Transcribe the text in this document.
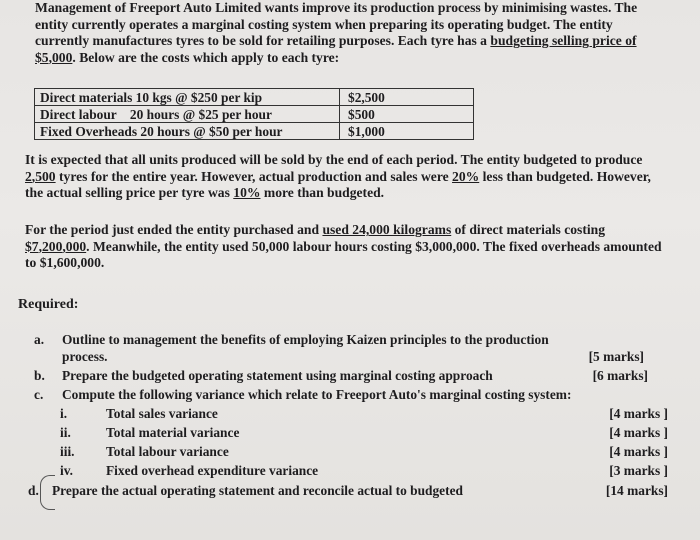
Management of Freeport Auto Limited wants improve its production process by minimising wastes. The entity currently operates a marginal costing system when preparing its operating budget. The entity currently manufactures tyres to be sold for retailing purposes. Each tyre has a budgeting selling price of $5,000. Below are the costs which apply to each tyre:

Direct materials 10 kgs @ $250 per kip	$2,500
Direct labour    20 hours @ $25 per hour	$500
Fixed Overheads 20 hours @ $50 per hour	$1,000

It is expected that all units produced will be sold by the end of each period. The entity budgeted to produce 2,500 tyres for the entire year. However, actual production and sales were 20% less than budgeted. However, the actual selling price per tyre was 10% more than budgeted.

For the period just ended the entity purchased and used 24,000 kilograms of direct materials costing $7,200,000. Meanwhile, the entity used 50,000 labour hours costing $3,000,000. The fixed overheads amounted to $1,600,000.

Required:

a. Outline to management the benefits of employing Kaizen principles to the production
process.	[5 marks]
b. Prepare the budgeted operating statement using marginal costing approach	[6 marks]
c. Compute the following variance which relate to Freeport Auto's marginal costing system:
i.	Total sales variance	[4 marks ]
ii.	Total material variance	[4 marks ]
iii. Total labour variance	[4 marks ]
iv. Fixed overhead expenditure variance	[3 marks ]
d. Prepare the actual operating statement and reconcile actual to budgeted	[14 marks]
